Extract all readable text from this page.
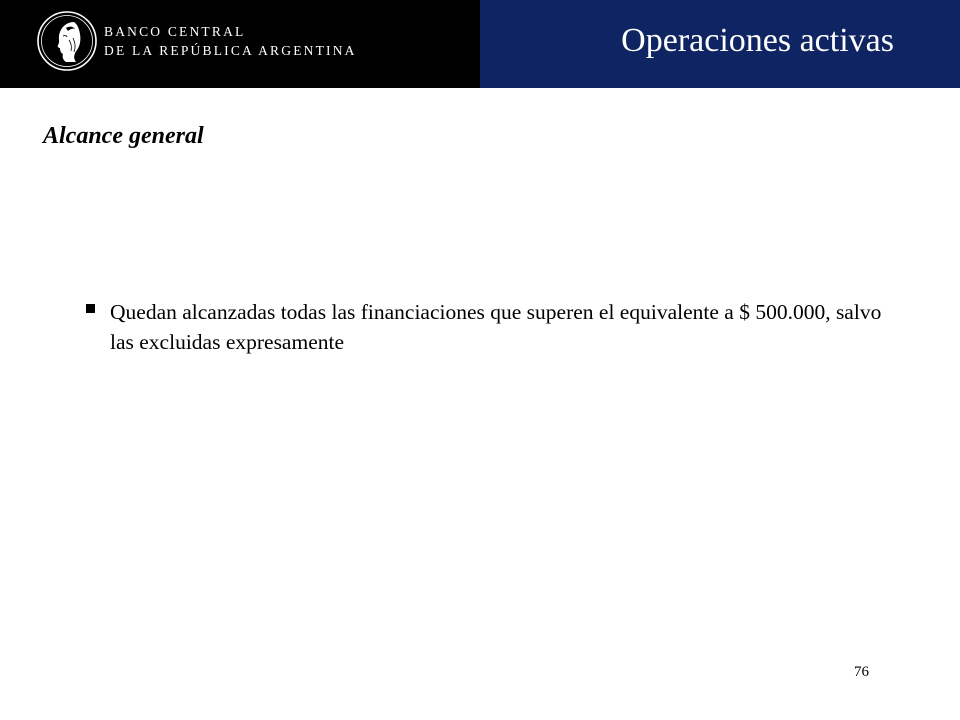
BANCO CENTRAL
DE LA REPÚBLICA ARGENTINA	Operaciones activas
Alcance general
Quedan alcanzadas todas las financiaciones que superen el equivalente a $ 500.000, salvo las excluidas expresamente
76
